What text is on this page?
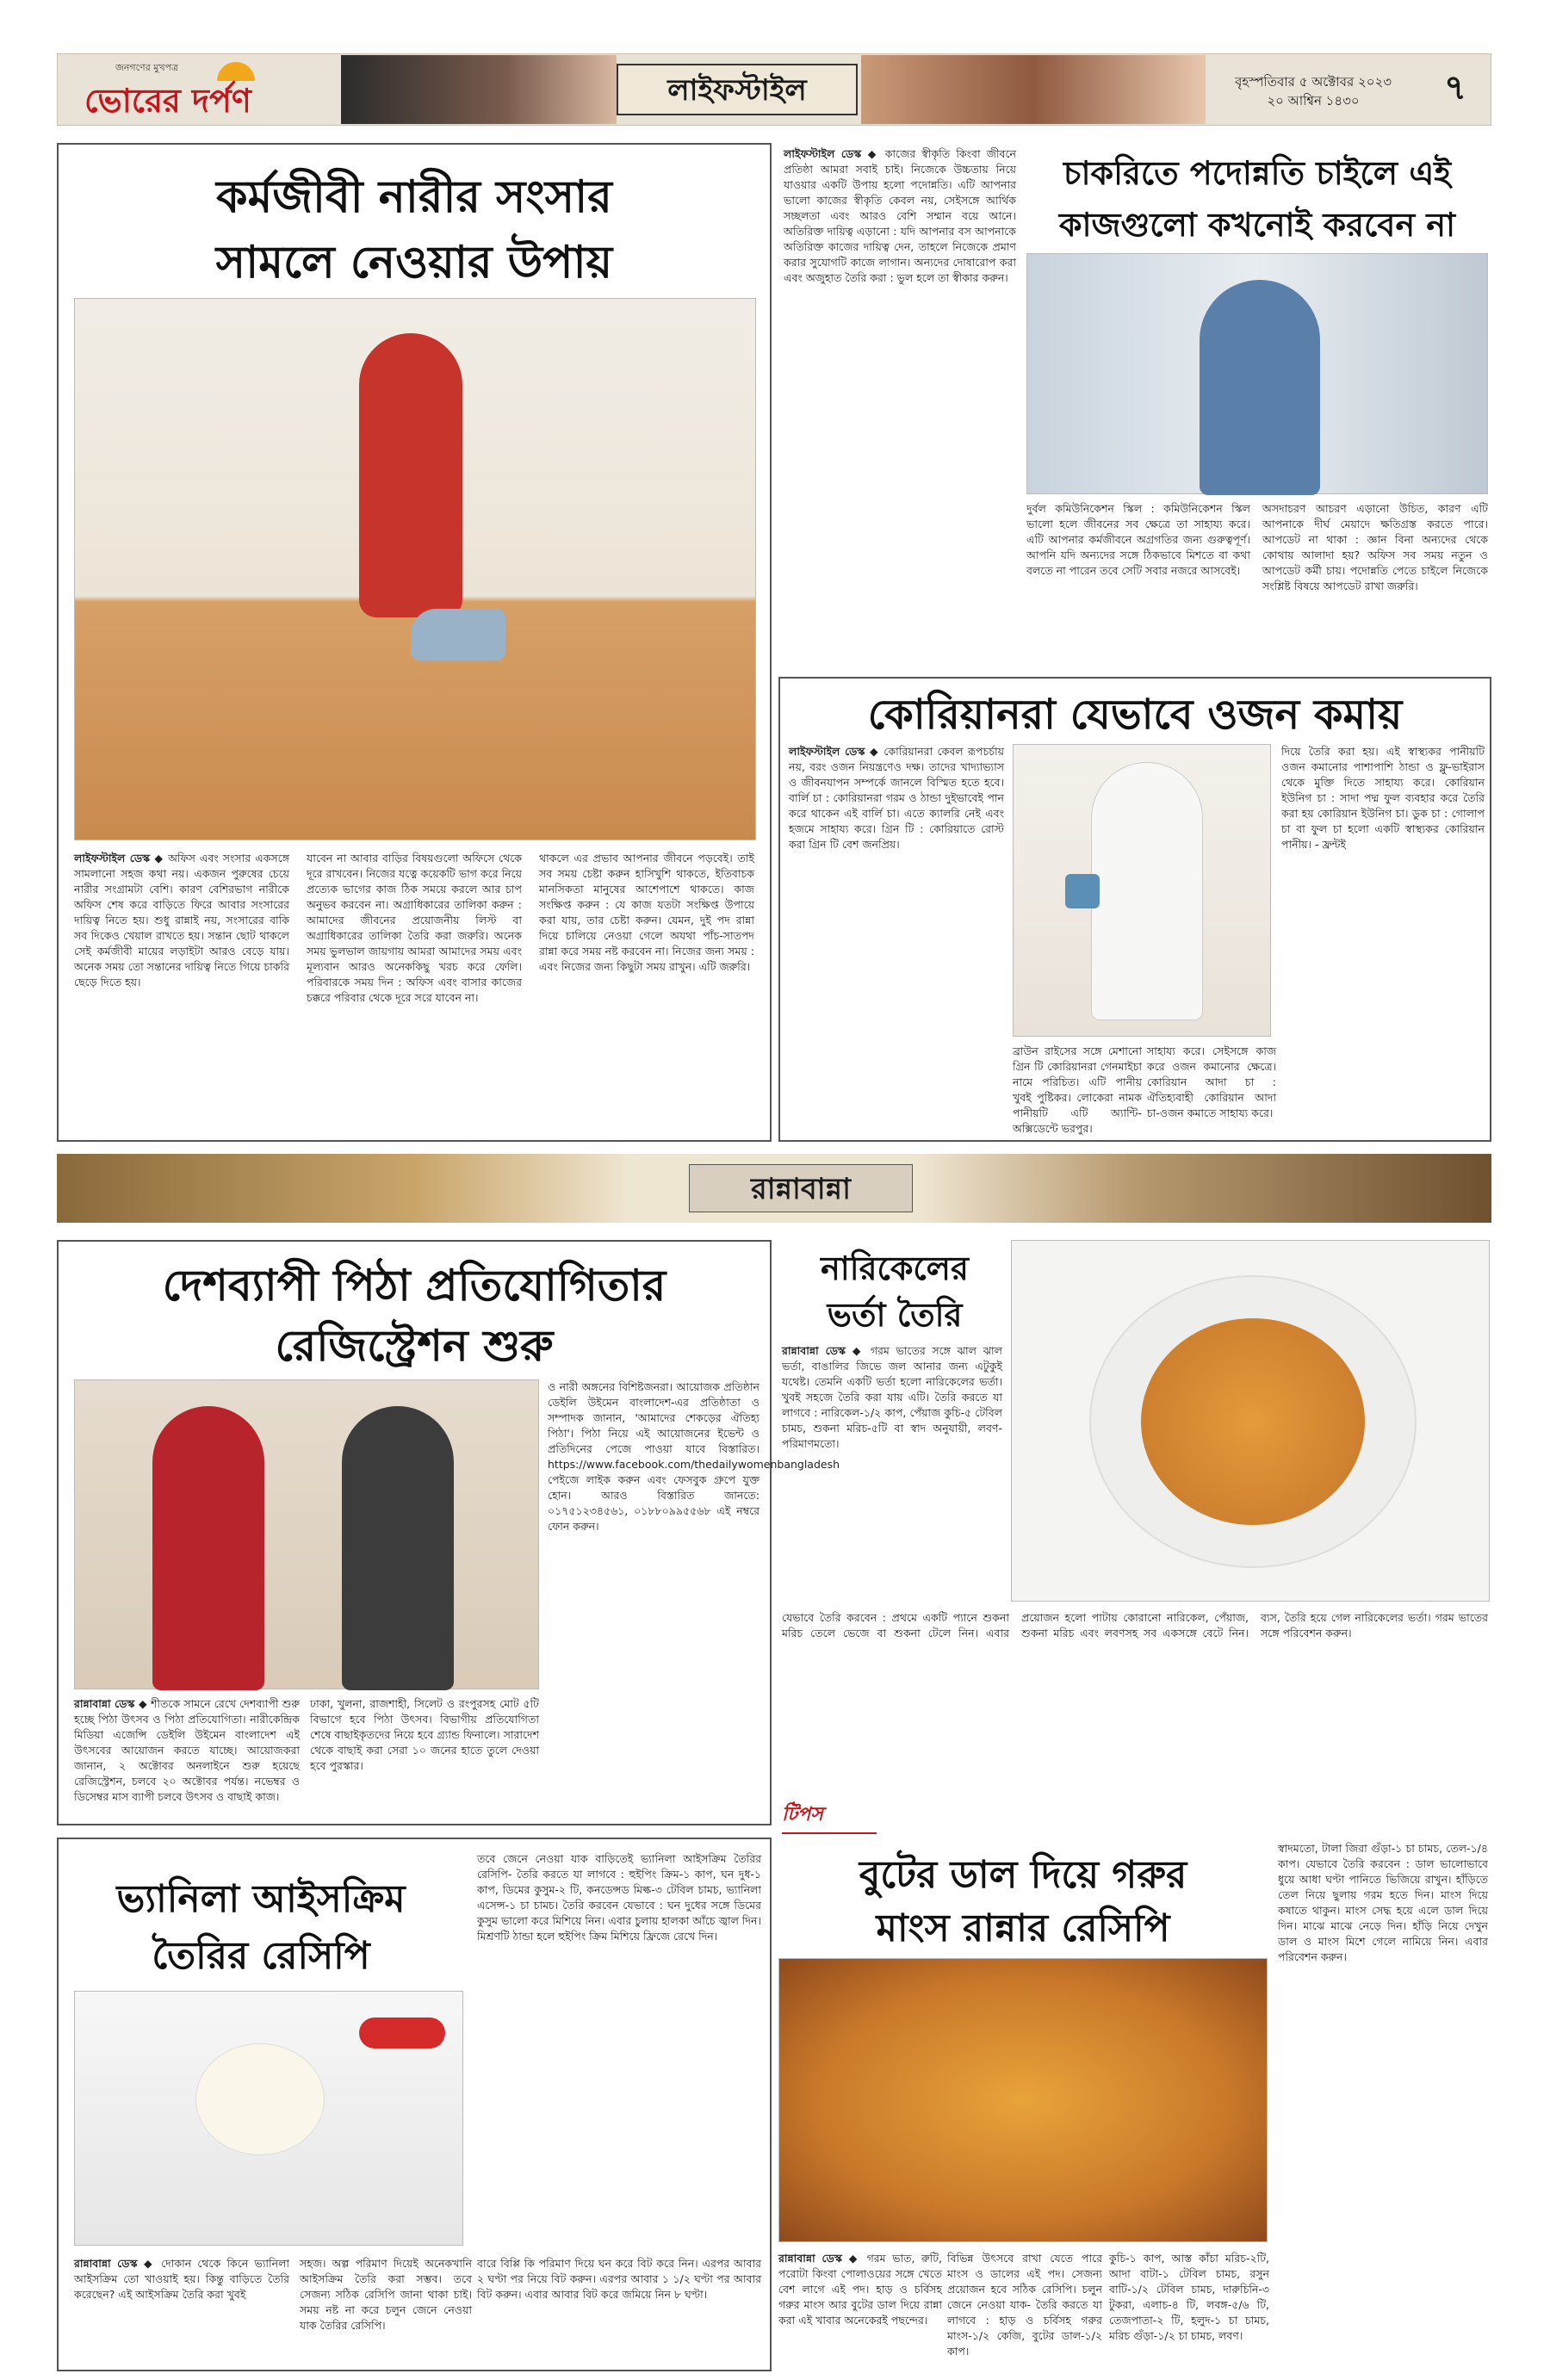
জনগণের মুখপত্র
ভোরের দর্পণ	লাইফস্টাইল	বৃহস্পতিবার ৫ অক্টোবর ২০২৩
২০ আশ্বিন ১৪৩০	৭
কর্মজীবী নারীর সংসার
সামলে নেওয়ার উপায়
লাইফস্টাইল ডেস্ক ◆ অফিস এবং সংসার একসঙ্গে সামলানো সহজ কথা নয়। একজন পুরুষের চেয়ে নারীর সংগ্রামটা বেশি। কারণ বেশিরভাগ নারীকে অফিস শেষ করে বাড়িতে ফিরে আবার সংসারের দায়িত্ব নিতে হয়। শুধু রান্নাই নয়, সংসারের বাকি সব দিকেও খেয়াল রাখতে হয়। সন্তান ছোট থাকলে সেই কর্মজীবী মায়ের লড়াইটা আরও বেড়ে যায়। অনেক সময় তো সন্তানের দায়িত্ব নিতে গিয়ে চাকরি ছেড়ে দিতে হয়।
যাবেন না আবার বাড়ির বিষয়গুলো অফিসে থেকে দূরে রাখবেন। নিজের যত্নে কয়েকটি ভাগ করে নিয়ে প্রত্যেক ভাগের কাজ ঠিক সময়ে করলে আর চাপ অনুভব করবেন না। অগ্রাধিকারের তালিকা করুন : আমাদের জীবনের প্রয়োজনীয় লিস্ট বা অগ্রাধিকারের তালিকা তৈরি করা জরুরি। অনেক সময় ভুলভাল জায়গায় আমরা আমাদের সময় এবং মূল্যবান আরও অনেককিছু খরচ করে ফেলি। পরিবারকে সময় দিন : অফিস এবং বাসার কাজের চক্করে পরিবার থেকে দূরে সরে যাবেন না।
থাকলে এর প্রভাব আপনার জীবনে পড়বেই। তাই সব সময় চেষ্টা করুন হাসিখুশি থাকতে, ইতিবাচক মানসিকতা মানুষের আশেপাশে থাকতে। কাজ সংক্ষিপ্ত করুন : যে কাজ যতটা সংক্ষিপ্ত উপায়ে করা যায়, তার চেষ্টা করুন। যেমন, দুই পদ রান্না দিয়ে চালিয়ে নেওয়া গেলে অযথা পাঁচ-সাতপদ রান্না করে সময় নষ্ট করবেন না। নিজের জন্য সময় : এবং নিজের জন্য কিছুটা সময় রাখুন। এটি জরুরি।
লাইফস্টাইল ডেস্ক ◆ কাজের স্বীকৃতি কিংবা জীবনে প্রতিষ্ঠা আমরা সবাই চাই। নিজেকে উচ্চতায় নিয়ে যাওয়ার একটি উপায় হলো পদোন্নতি। এটি আপনার ভালো কাজের স্বীকৃতি কেবল নয়, সেইসঙ্গে আর্থিক সচ্ছলতা এবং আরও বেশি সম্মান বয়ে আনে। অতিরিক্ত দায়িত্ব এড়ানো : যদি আপনার বস আপনাকে অতিরিক্ত কাজের দায়িত্ব দেন, তাহলে নিজেকে প্রমাণ করার সুযোগটি কাজে লাগান। অন্যদের দোষারোপ করা এবং অজুহাত তৈরি করা : ভুল হলে তা স্বীকার করুন।
চাকরিতে পদোন্নতি চাইলে এই
কাজগুলো কখনোই করবেন না
দুর্বল কমিউনিকেশন স্কিল : কমিউনিকেশন স্কিল ভালো হলে জীবনের সব ক্ষেত্রে তা সাহায্য করে। এটি আপনার কর্মজীবনে অগ্রগতির জন্য গুরুত্বপূর্ণ। আপনি যদি অন্যদের সঙ্গে ঠিকভাবে মিশতে বা কথা বলতে না পারেন তবে সেটি সবার নজরে আসবেই।
অসদাচরণ আচরণ এড়ানো উচিত, কারণ এটি আপনাকে দীর্ঘ মেয়াদে ক্ষতিগ্রস্ত করতে পারে। আপডেট না থাকা : জ্ঞান বিনা অন্যদের থেকে কোথায় আলাদা হয়? অফিস সব সময় নতুন ও আপডেট কর্মী চায়। পদোন্নতি পেতে চাইলে নিজেকে সংশ্লিষ্ট বিষয়ে আপডেট রাখা জরুরি।
কোরিয়ানরা যেভাবে ওজন কমায়
লাইফস্টাইল ডেস্ক ◆ কোরিয়ানরা কেবল রূপচর্চায় নয়, বরং ওজন নিয়ন্ত্রণেও দক্ষ। তাদের খাদ্যাভ্যাস ও জীবনযাপন সম্পর্কে জানলে বিস্মিত হতে হবে। বার্লি চা : কোরিয়ানরা গরম ও ঠান্ডা দুইভাবেই পান করে থাকেন এই বার্লি চা। এতে ক্যালরি নেই এবং হজমে সাহায্য করে। গ্রিন টি : কোরিয়াতে রোস্ট করা গ্রিন টি বেশ জনপ্রিয়।
ব্রাউন রাইসের সঙ্গে মেশানো গ্রিন টি কোরিয়ানরা গেনমাইচা নামে পরিচিত। এটি পানীয় খুবই পুষ্টিকর। লোকেরা নামক পানীয়টি এটি অ্যান্টি-অক্সিডেন্টে ভরপুর।
সাহায্য করে। সেইসঙ্গে কাজ করে ওজন কমানোর ক্ষেত্রে। কোরিয়ান আদা চা : ঐতিহ্যবাহী কোরিয়ান আদা চা-ওজন কমাতে সাহায্য করে।
দিয়ে তৈরি করা হয়। এই স্বাস্থ্যকর পানীয়টি ওজন কমানোর পাশাপাশি ঠান্ডা ও ফ্লু-ভাইরাস থেকে মুক্তি দিতে সাহায্য করে। কোরিয়ান ইউনিগ চা : সাদা পদ্ম ফুল ব্যবহার করে তৈরি করা হয় কোরিয়ান ইউনিগ চা। ডুক চা : গোলাপ চা বা ফুল চা হলো একটি স্বাস্থ্যকর কোরিয়ান পানীয়। - ফ্রন্টই
রান্নাবান্না
দেশব্যাপী পিঠা প্রতিযোগিতার
রেজিস্ট্রেশন শুরু
ও নারী অঙ্গনের বিশিষ্টজনরা। আয়োজক প্রতিষ্ঠান ডেইলি উইমেন বাংলাদেশ-এর প্রতিষ্ঠাতা ও সম্পাদক জানান, 'আমাদের শেকড়ের ঐতিহ্য পিঠা'। পিঠা নিয়ে এই আয়োজনের ইভেন্ট ও প্রতিদিনের পেজে পাওয়া যাবে বিস্তারিত। https://www.facebook.com/thedailywomenbangladesh পেইজে লাইক করুন এবং ফেসবুক গ্রুপে যুক্ত হোন। আরও বিস্তারিত জানতে: ০১৭৫১২৩৪৫৬১, ০১৮৮০৯৯৫৫৬৮ এই নম্বরে ফোন করুন।
রান্নাবান্না ডেস্ক ◆ শীতকে সামনে রেখে দেশব্যাপী শুরু হচ্ছে পিঠা উৎসব ও পিঠা প্রতিযোগিতা। নারীকেন্দ্রিক মিডিয়া এজেন্সি ডেইলি উইমেন বাংলাদেশ এই উৎসবের আয়োজন করতে যাচ্ছে। আয়োজকরা জানান, ২ অক্টোবর অনলাইনে শুরু হয়েছে রেজিস্ট্রেশন, চলবে ২০ অক্টোবর পর্যন্ত। নভেম্বর ও ডিসেম্বর মাস ব্যাপী চলবে উৎসব ও বাছাই কাজ।
ঢাকা, খুলনা, রাজশাহী, সিলেট ও রংপুরসহ মোট ৫টি বিভাগে হবে পিঠা উৎসব। বিভাগীয় প্রতিযোগিতা শেষে বাছাইকৃতদের নিয়ে হবে গ্র্যান্ড ফিনালে। সারাদেশ থেকে বাছাই করা সেরা ১০ জনের হাতে তুলে দেওয়া হবে পুরস্কার।
নারিকেলের
ভর্তা তৈরি
রান্নাবান্না ডেস্ক ◆ গরম ভাতের সঙ্গে ঝাল ঝাল ভর্তা, বাঙালির জিভে জল আনার জন্য এটুকুই যথেষ্ট। তেমনি একটি ভর্তা হলো নারিকেলের ভর্তা। খুবই সহজে তৈরি করা যায় এটি। তৈরি করতে যা লাগবে : নারিকেল-১/২ কাপ, পেঁয়াজ কুচি-৫ টেবিল চামচ, শুকনা মরিচ-৫টি বা স্বাদ অনুযায়ী, লবণ-পরিমাণমতো।
যেভাবে তৈরি করবেন : প্রথমে একটি প্যানে শুকনা মরিচ তেলে ভেজে বা শুকনা টেলে নিন। এবার প্রয়োজন হলো পাটায় কোরানো নারিকেল, পেঁয়াজ, শুকনা মরিচ এবং লবণসহ সব একসঙ্গে বেটে নিন। ব্যস, তৈরি হয়ে গেল নারিকেলের ভর্তা। গরম ভাতের সঙ্গে পরিবেশন করুন।
টিপস
বুটের ডাল দিয়ে গরুর
মাংস রান্নার রেসিপি
রান্নাবান্না ডেস্ক ◆ গরম ভাত, রুটি, পরোটা কিংবা পোলাওয়ের সঙ্গে খেতে বেশ লাগে এই পদ। হাড় ও চর্বিসহ গরুর মাংস আর বুটের ডাল দিয়ে রান্না করা এই খাবার অনেকেরই পছন্দের।
বিভিন্ন উৎসবে রাখা যেতে পারে মাংস ও ডালের এই পদ। সেজন্য প্রয়োজন হবে সঠিক রেসিপি। চলুন জেনে নেওয়া যাক- তৈরি করতে যা লাগবে : হাড় ও চর্বিসহ গরুর মাংস-১/২ কেজি, বুটের ডাল-১/২ কাপ।
কুচি-১ কাপ, আস্ত কাঁচা মরিচ-২টি, আদা বাটা-১ টেবিল চামচ, রসুন বাটি-১/২ টেবিল চামচ, দারুচিনি-৩ টুকরা, এলাচ-৪ টি, লবঙ্গ-৫/৬ টি, তেজপাতা-২ টি, হলুদ-১ চা চামচ, মরিচ গুঁড়া-১/২ চা চামচ, লবণ।
স্বাদমতো, টালা জিরা গুঁড়া-১ চা চামচ, তেল-১/৪ কাপ। যেভাবে তৈরি করবেন : ডাল ভালোভাবে ধুয়ে আধা ঘণ্টা পানিতে ভিজিয়ে রাখুন। হাঁড়িতে তেল নিয়ে ছুলায় গরম হতে দিন। মাংস দিয়ে কষাতে থাকুন। মাংস সেদ্ধ হয়ে এলে ডাল দিয়ে দিন। মাঝে মাঝে নেড়ে দিন। হাঁড়ি নিয়ে দেখুন ডাল ও মাংস মিশে গেলে নামিয়ে নিন। এবার পরিবেশন করুন।
ভ্যানিলা আইসক্রিম
তৈরির রেসিপি
তবে জেনে নেওয়া যাক বাড়িতেই ভ্যানিলা আইসক্রিম তৈরির রেসিপি- তৈরি করতে যা লাগবে : হুইপিং ক্রিম-১ কাপ, ঘন দুধ-১ কাপ, ডিমের কুসুম-২ টি, কনডেন্সড মিল্ক-৩ টেবিল চামচ, ভ্যানিলা এসেন্স-১ চা চামচ। তৈরি করবেন যেভাবে : ঘন দুধের সঙ্গে ডিমের কুসুম ভালো করে মিশিয়ে নিন। এবার চুলায় হালকা আঁচে জ্বাল দিন। মিশ্রণটি ঠান্ডা হলে হুইপিং ক্রিম মিশিয়ে ফ্রিজে রেখে দিন।
রান্নাবান্না ডেস্ক ◆ দোকান থেকে কিনে ভ্যানিলা আইসক্রিম তো খাওয়াই হয়। কিন্তু বাড়িতে তৈরি করেছেন? এই আইসক্রিম তৈরি করা খুবই
সহজ। অল্প পরিমাণ দিয়েই অনেকখানি আইসক্রিম তৈরি করা সম্ভব। তবে সেজন্য সঠিক রেসিপি জানা থাকা চাই। সময় নষ্ট না করে চলুন জেনে নেওয়া যাক তৈরির রেসিপি।
বারে বিপ্পি কি পরিমাণ দিয়ে ঘন করে বিট করে নিন। এরপর আবার ২ ঘণ্টা পর নিয়ে বিট করুন। এরপর আবার ১ ১/২ ঘণ্টা পর আবার বিট করুন। এবার আবার বিট করে জমিয়ে নিন ৮ ঘণ্টা।
